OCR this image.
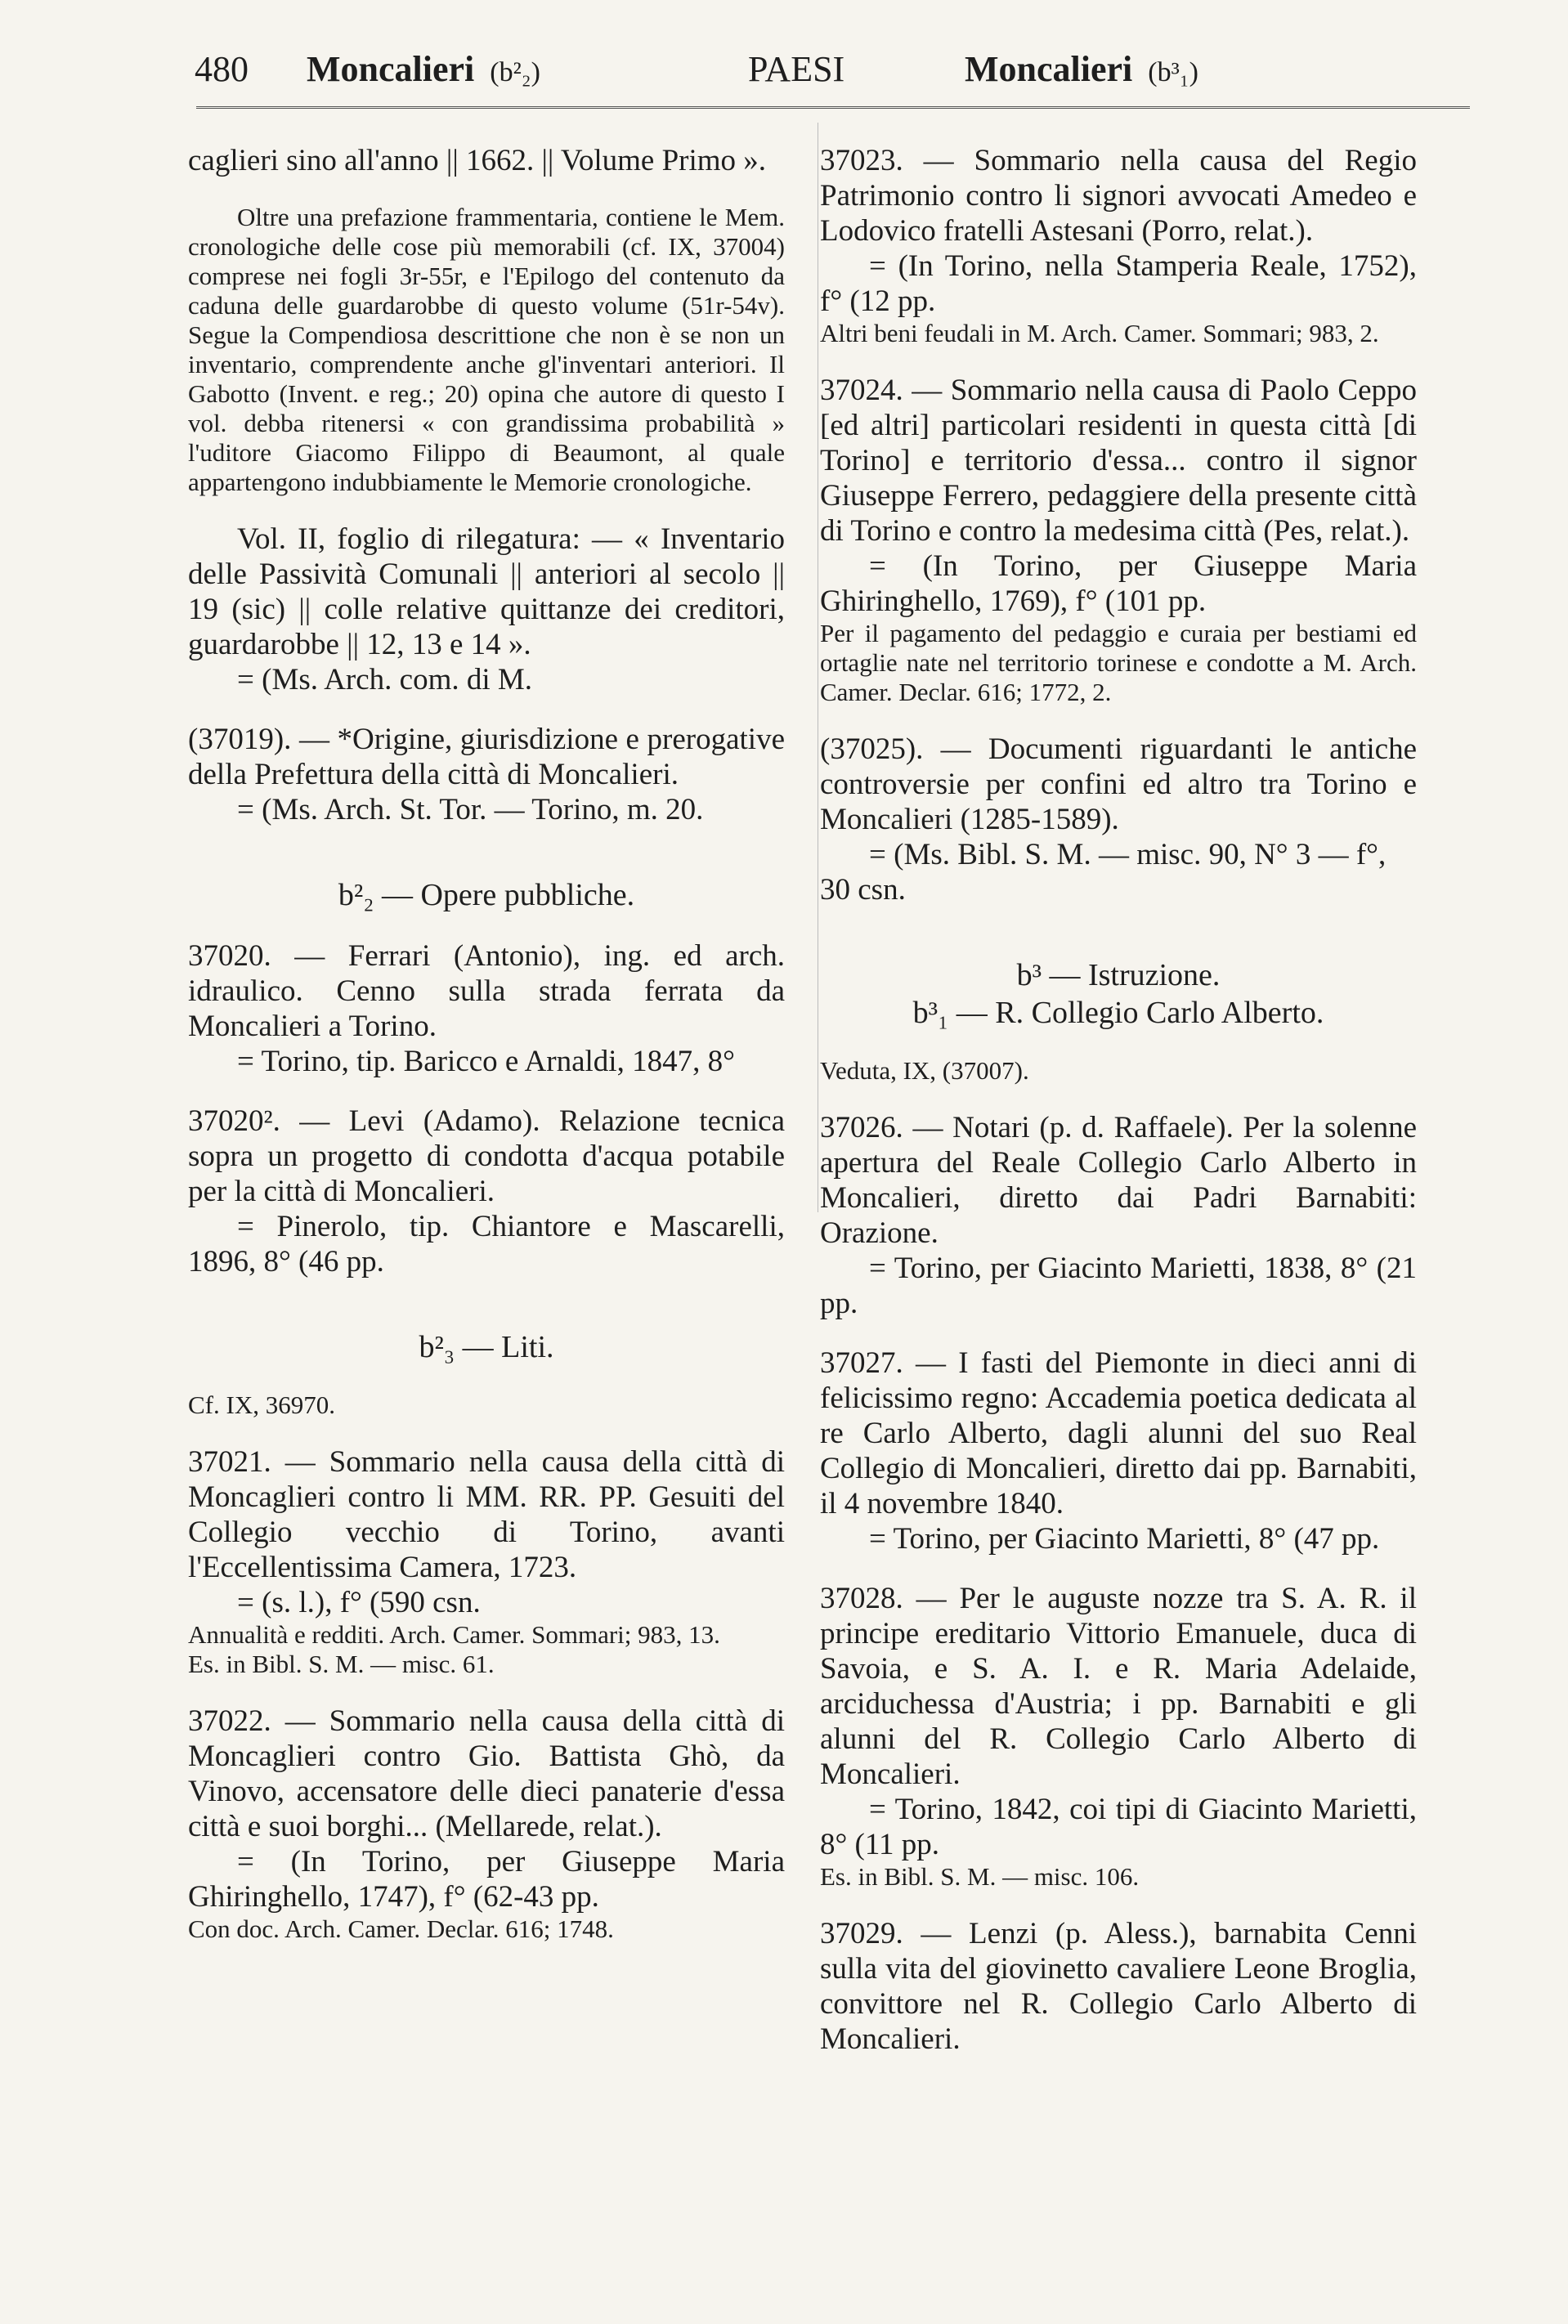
480 Moncalieri (b²₂)	PAESI	Moncalieri (b³₁)

caglieri sino all'anno || 1662. || Volume Primo ».

Oltre una prefazione frammentaria, contiene le Mem. cronologiche delle cose più memorabili (cf. IX, 37004) comprese nei fogli 3r-55r, e l'Epilogo del contenuto da caduna delle guardarobbe di questo volume (51r-54v). Segue la Compendiosa descrittione che non è se non un inventario, comprendente anche gl'inventari anteriori. Il Gabotto (Invent. e reg.; 20) opina che autore di questo I vol. debba ritenersi « con grandissima probabilità » l'uditore Giacomo Filippo di Beaumont, al quale appartengono indubbiamente le Memorie cronologiche.

Vol. II, foglio di rilegatura: — « Inventario delle Passività Comunali || anteriori al secolo || 19 (sic) || colle relative quittanze dei creditori, guardarobbe || 12, 13 e 14 ».

= (Ms. Arch. com. di M.

(37019). — *Origine, giurisdizione e prerogative della Prefettura della città di Moncalieri.

= (Ms. Arch. St. Tor. — Torino, m. 20.

b²₂ — Opere pubbliche.

37020. — Ferrari (Antonio), ing. ed arch. idraulico. Cenno sulla strada ferrata da Moncalieri a Torino.

= Torino, tip. Baricco e Arnaldi, 1847, 8°

37020². — Levi (Adamo). Relazione tecnica sopra un progetto di condotta d'acqua potabile per la città di Moncalieri.

= Pinerolo, tip. Chiantore e Mascarelli, 1896, 8° (46 pp.

b²₃ — Liti.

Cf. IX, 36970.

37021. — Sommario nella causa della città di Moncaglieri contro li MM. RR. PP. Gesuiti del Collegio vecchio di Torino, avanti l'Eccellentissima Camera, 1723.

= (s. l.), f° (590 csn.

Annualità e redditi. Arch. Camer. Sommari; 983, 13.

Es. in Bibl. S. M. — misc. 61.

37022. — Sommario nella causa della città di Moncaglieri contro Gio. Battista Ghò, da Vinovo, accensatore delle dieci panaterie d'essa città e suoi borghi... (Mellarede, relat.).

= (In Torino, per Giuseppe Maria Ghiringhello, 1747), f° (62-43 pp.

Con doc. Arch. Camer. Declar. 616; 1748.

37023. — Sommario nella causa del Regio Patrimonio contro li signori avvocati Amedeo e Lodovico fratelli Astesani (Porro, relat.).

= (In Torino, nella Stamperia Reale, 1752), f° (12 pp.

Altri beni feudali in M. Arch. Camer. Sommari; 983, 2.

37024. — Sommario nella causa di Paolo Ceppo [ed altri] particolari residenti in questa città [di Torino] e territorio d'essa... contro il signor Giuseppe Ferrero, pedaggiere della presente città di Torino e contro la medesima città (Pes, relat.).

= (In Torino, per Giuseppe Maria Ghiringhello, 1769), f° (101 pp.

Per il pagamento del pedaggio e curaia per bestiami ed ortaglie nate nel territorio torinese e condotte a M. Arch. Camer. Declar. 616; 1772, 2.

(37025). — Documenti riguardanti le antiche controversie per confini ed altro tra Torino e Moncalieri (1285-1589).

= (Ms. Bibl. S. M. — misc. 90, N° 3 — f°, 30 csn.

b³ — Istruzione.

b³₁ — R. Collegio Carlo Alberto.

Veduta, IX, (37007).

37026. — Notari (p. d. Raffaele). Per la solenne apertura del Reale Collegio Carlo Alberto in Moncalieri, diretto dai Padri Barnabiti: Orazione.

= Torino, per Giacinto Marietti, 1838, 8° (21 pp.

37027. — I fasti del Piemonte in dieci anni di felicissimo regno: Accademia poetica dedicata al re Carlo Alberto, dagli alunni del suo Real Collegio di Moncalieri, diretto dai pp. Barnabiti, il 4 novembre 1840.

= Torino, per Giacinto Marietti, 8° (47 pp.

37028. — Per le auguste nozze tra S. A. R. il principe ereditario Vittorio Emanuele, duca di Savoia, e S. A. I. e R. Maria Adelaide, arciduchessa d'Austria; i pp. Barnabiti e gli alunni del R. Collegio Carlo Alberto di Moncalieri.

= Torino, 1842, coi tipi di Giacinto Marietti, 8° (11 pp.

Es. in Bibl. S. M. — misc. 106.

37029. — Lenzi (p. Aless.), barnabita Cenni sulla vita del giovinetto cavaliere Leone Broglia, convittore nel R. Collegio Carlo Alberto di Moncalieri.
